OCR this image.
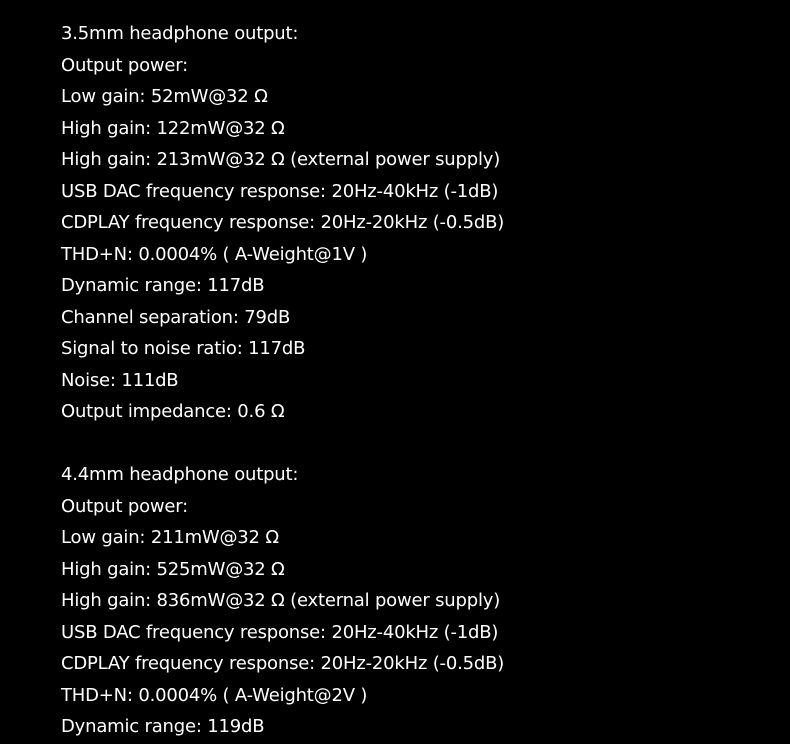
3.5mm headphone output:
Output power:
Low gain: 52mW@32 Ω
High gain: 122mW@32 Ω
High gain: 213mW@32 Ω (external power supply)
USB DAC frequency response: 20Hz-40kHz (-1dB)
CDPLAY frequency response: 20Hz-20kHz (-0.5dB)
THD+N: 0.0004% ( A-Weight@1V )
Dynamic range: 117dB
Channel separation: 79dB
Signal to noise ratio: 117dB
Noise: 111dB
Output impedance: 0.6 Ω
4.4mm headphone output:
Output power:
Low gain: 211mW@32 Ω
High gain: 525mW@32 Ω
High gain: 836mW@32 Ω (external power supply)
USB DAC frequency response: 20Hz-40kHz (-1dB)
CDPLAY frequency response: 20Hz-20kHz (-0.5dB)
THD+N: 0.0004% ( A-Weight@2V )
Dynamic range: 119dB
